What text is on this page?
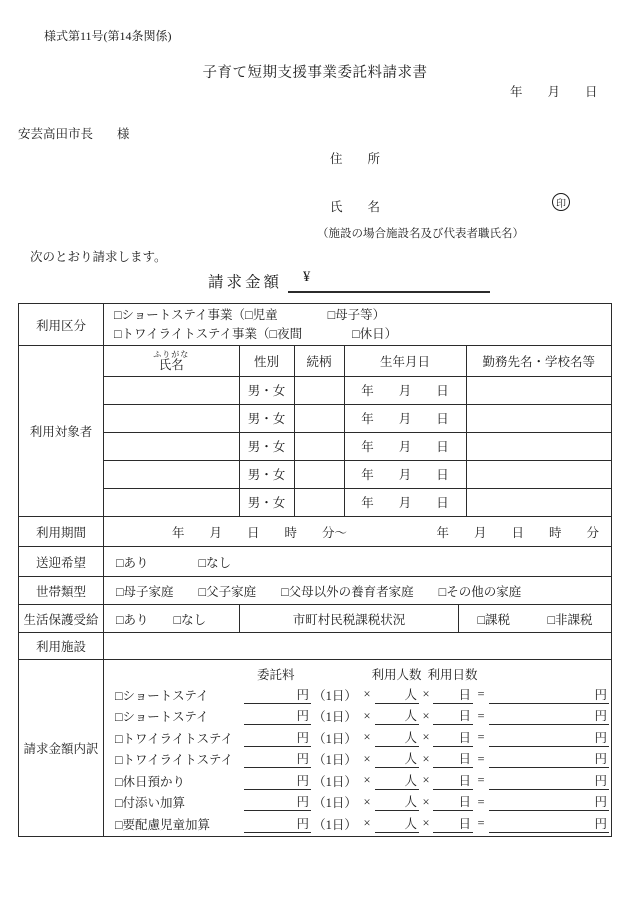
様式第11号(第14条関係)
子育て短期支援事業委託料請求書
年　　月　　日
安芸高田市長 様
住　　所
氏　　名	印
（施設の場合施設名及び代表者職氏名）
次のとおり請求します。
請求金額	¥
利用区分
□ショートステイ事業（□児童　　　　□母子等）
□トワイライトステイ事業（□夜間　　　　□休日）
利用対象者
ふりがな
氏名	性別	続柄	生年月日	勤務先名・学校名等
	男・女		年　　月　　日	
	男・女		年　　月　　日	
	男・女		年　　月　　日	
	男・女		年　　月　　日	
	男・女		年　　月　　日	
利用期間	年　　月　　日　　時　　分～	年　　月　　日　　時　　分
送迎希望	□あり　　　　□なし
世帯類型	□母子家庭　　□父子家庭　　□父母以外の養育者家庭　　□その他の家庭
生活保護受給	□あり　　□なし	市町村民税課税状況	□課税　　　□非課税
利用施設
請求金額内訳
委託料	利用人数 利用日数
□ショートステイ	円 （1日） ×	人 ×	日 =	円
□ショートステイ	円 （1日） ×	人 ×	日 =	円
□トワイライトステイ	円 （1日） ×	人 ×	日 =	円
□トワイライトステイ	円 （1日） ×	人 ×	日 =	円
□休日預かり	円 （1日） ×	人 ×	日 =	円
□付添い加算	円 （1日） ×	人 ×	日 =	円
□要配慮児童加算	円 （1日） ×	人 ×	日 =	円
